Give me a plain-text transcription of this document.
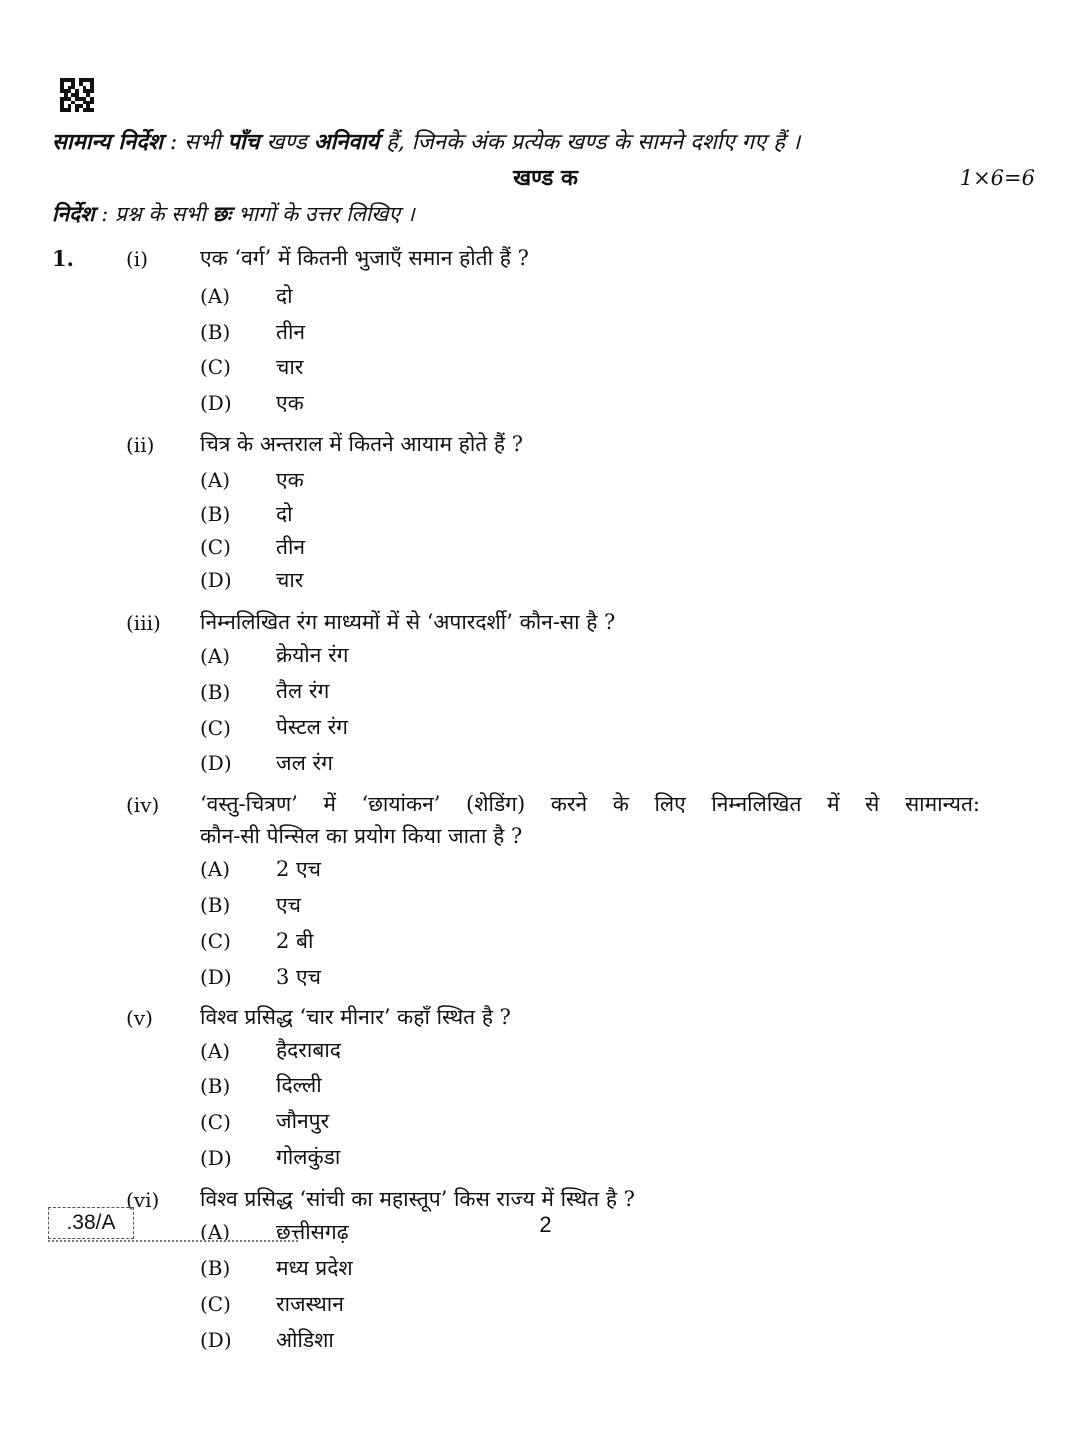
सामान्य निर्देश : सभी पाँच खण्ड अनिवार्य हैं, जिनके अंक प्रत्येक खण्ड के सामने दर्शाए गए हैं ।
खण्ड क	1×6=6
निर्देश : प्रश्न के सभी छः भागों के उत्तर लिखिए ।
1.	(i) एक ‘वर्ग’ में कितनी भुजाएँ समान होती हैं ?
(A) दो
(B) तीन
(C) चार
(D) एक
(ii) चित्र के अन्तराल में कितने आयाम होते हैं ?
(A) एक
(B) दो
(C) तीन
(D) चार
(iii) निम्नलिखित रंग माध्यमों में से ‘अपारदर्शी’ कौन-सा है ?
(A) क्रेयोन रंग
(B) तैल रंग
(C) पेस्टल रंग
(D) जल रंग
(iv) ‘वस्तु-चित्रण’ में ‘छायांकन’ (शेडिंग) करने के लिए निम्नलिखित में से सामान्यत:
कौन-सी पेन्सिल का प्रयोग किया जाता है ?
(A) 2 एच
(B) एच
(C) 2 बी
(D) 3 एच
(v) विश्व प्रसिद्ध ‘चार मीनार’ कहाँ स्थित है ?
(A) हैदराबाद
(B) दिल्ली
(C) जौनपुर
(D) गोलकुंडा
(vi) विश्व प्रसिद्ध ‘सांची का महास्तूप’ किस राज्य में स्थित है ?
(A) छत्तीसगढ़
(B) मध्य प्रदेश
(C) राजस्थान
(D) ओडिशा
.38/A	2
